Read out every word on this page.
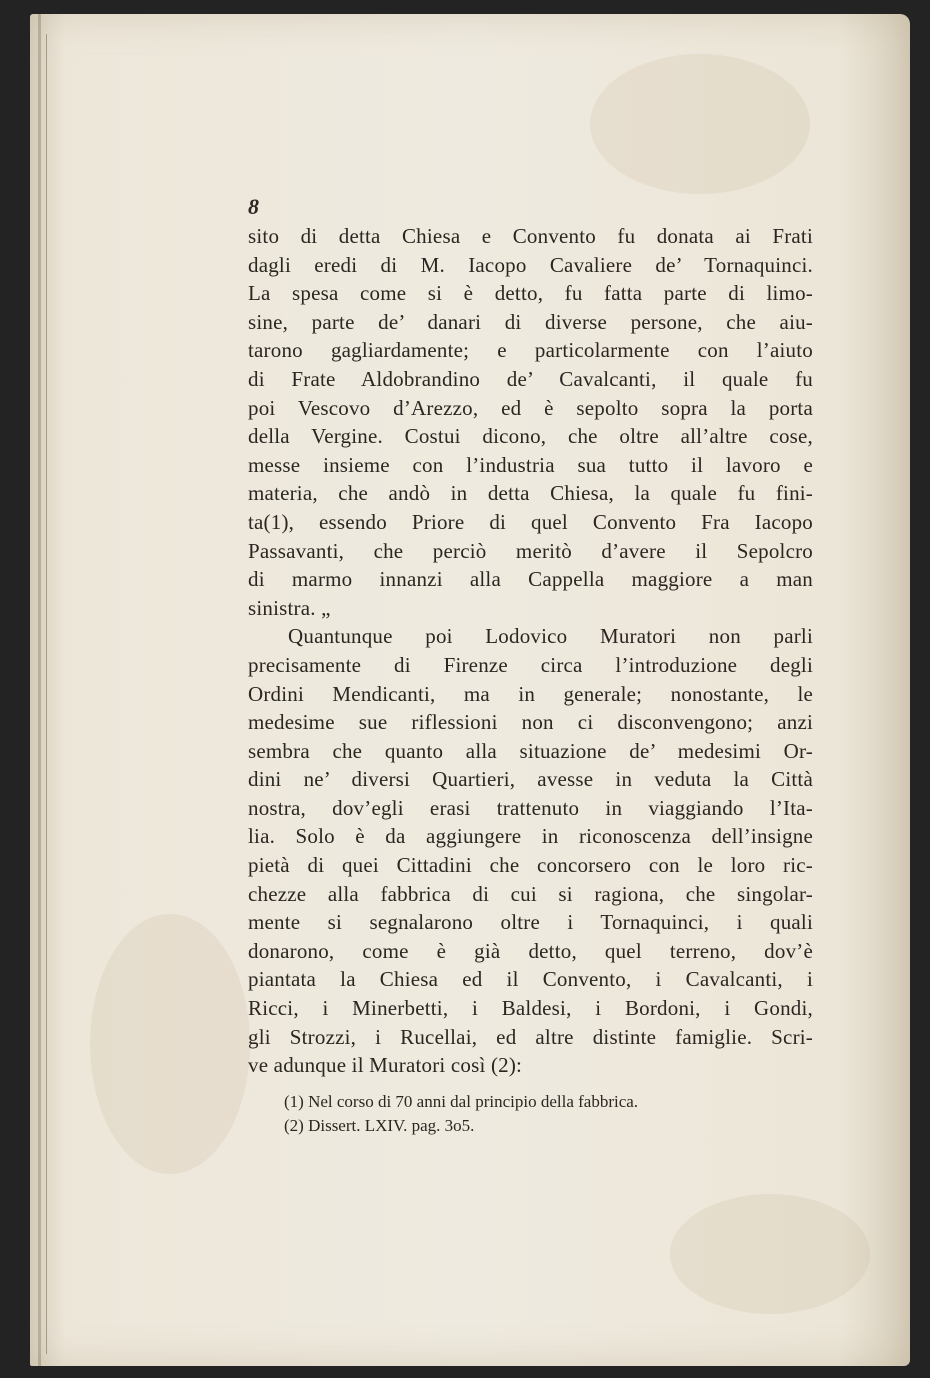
8
sito di detta Chiesa e Convento fu donata ai Frati
dagli eredi di M. Iacopo Cavaliere de’ Tornaquinci.
La spesa come si è detto, fu fatta parte di limo-
sine, parte de’ danari di diverse persone, che aiu-
tarono gagliardamente; e particolarmente con l’aiuto
di Frate Aldobrandino de’ Cavalcanti, il quale fu
poi Vescovo d’Arezzo, ed è sepolto sopra la porta
della Vergine. Costui dicono, che oltre all’altre cose,
messe insieme con l’industria sua tutto il lavoro e
materia, che andò in detta Chiesa, la quale fu fini-
ta(1), essendo Priore di quel Convento Fra Iacopo
Passavanti, che perciò meritò d’avere il Sepolcro
di marmo innanzi alla Cappella maggiore a man
sinistra. „
Quantunque poi Lodovico Muratori non parli
precisamente di Firenze circa l’introduzione degli
Ordini Mendicanti, ma in generale; nonostante, le
medesime sue riflessioni non ci disconvengono; anzi
sembra che quanto alla situazione de’ medesimi Or-
dini ne’ diversi Quartieri, avesse in veduta la Città
nostra, dov’egli erasi trattenuto in viaggiando l’Ita-
lia. Solo è da aggiungere in riconoscenza dell’insigne
pietà di quei Cittadini che concorsero con le loro ric-
chezze alla fabbrica di cui si ragiona, che singolar-
mente si segnalarono oltre i Tornaquinci, i quali
donarono, come è già detto, quel terreno, dov’è
piantata la Chiesa ed il Convento, i Cavalcanti, i
Ricci, i Minerbetti, i Baldesi, i Bordoni, i Gondi,
gli Strozzi, i Rucellai, ed altre distinte famiglie. Scri-
ve adunque il Muratori così (2):
(1) Nel corso di 70 anni dal principio della fabbrica.
(2) Dissert. LXIV. pag. 3o5.
